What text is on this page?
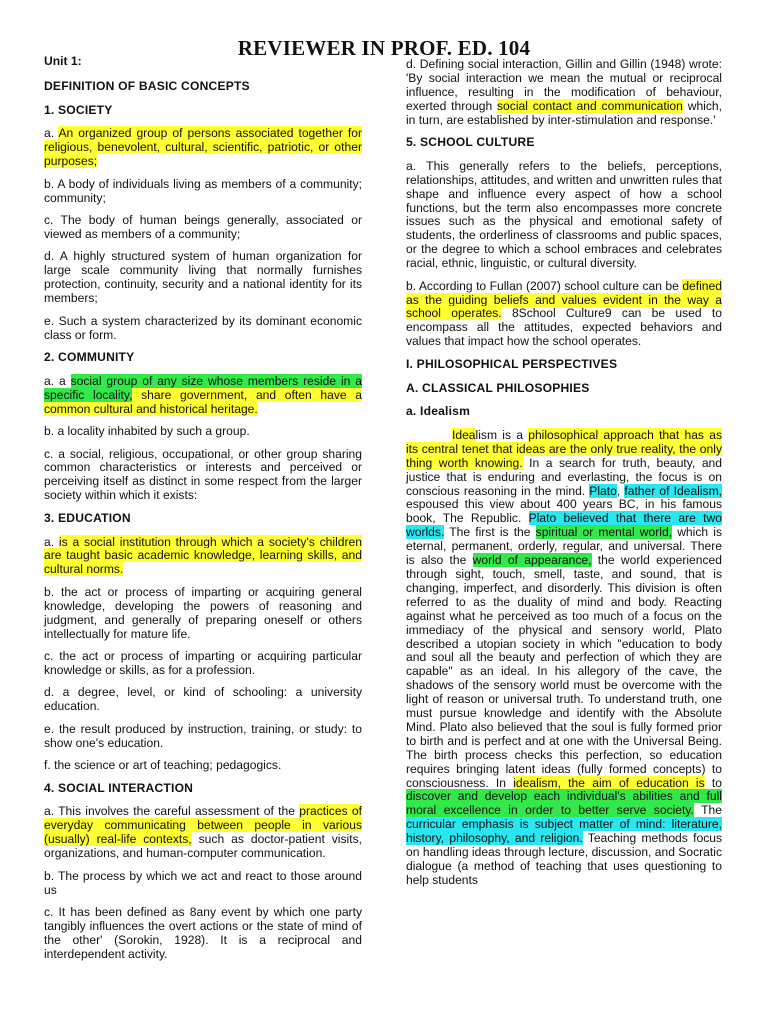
REVIEWER IN PROF. ED. 104

Unit 1:

DEFINITION OF BASIC CONCEPTS

1. SOCIETY

a. An organized group of persons associated together for religious, benevolent, cultural, scientific, patriotic, or other purposes;

b. A body of individuals living as members of a community; community;

c. The body of human beings generally, associated or viewed as members of a community;

d. A highly structured system of human organization for large scale community living that normally furnishes protection, continuity, security and a national identity for its members;

e. Such a system characterized by its dominant economic class or form.

2. COMMUNITY

a. a social group of any size whose members reside in a specific locality, share government, and often have a common cultural and historical heritage.

b. a locality inhabited by such a group.

c. a social, religious, occupational, or other group sharing common characteristics or interests and perceived or perceiving itself as distinct in some respect from the larger society within which it exists:

3. EDUCATION

a. is a social institution through which a society's children are taught basic academic knowledge, learning skills, and cultural norms.

b. the act or process of imparting or acquiring general knowledge, developing the powers of reasoning and judgment, and generally of preparing oneself or others intellectually for mature life.

c. the act or process of imparting or acquiring particular knowledge or skills, as for a profession.

d. a degree, level, or kind of schooling: a university education.

e. the result produced by instruction, training, or study: to show one's education.

f. the science or art of teaching; pedagogics.

4. SOCIAL INTERACTION

a. This involves the careful assessment of the practices of everyday communicating between people in various (usually) real-life contexts, such as doctor-patient visits, organizations, and human-computer communication.

b. The process by which we act and react to those around us

c. It has been defined as 8any event by which one party tangibly influences the overt actions or the state of mind of the other' (Sorokin, 1928). It is a reciprocal and interdependent activity.

d. Defining social interaction, Gillin and Gillin (1948) wrote: 'By social interaction we mean the mutual or reciprocal influence, resulting in the modification of behaviour, exerted through social contact and communication which, in turn, are established by inter-stimulation and response.'

5. SCHOOL CULTURE

a. This generally refers to the beliefs, perceptions, relationships, attitudes, and written and unwritten rules that shape and influence every aspect of how a school functions, but the term also encompasses more concrete issues such as the physical and emotional safety of students, the orderliness of classrooms and public spaces, or the degree to which a school embraces and celebrates racial, ethnic, linguistic, or cultural diversity.

b. According to Fullan (2007) school culture can be defined as the guiding beliefs and values evident in the way a school operates. 8School Culture9 can be used to encompass all the attitudes, expected behaviors and values that impact how the school operates.

I. PHILOSOPHICAL PERSPECTIVES

A. CLASSICAL PHILOSOPHIES

a. Idealism

Idealism is a philosophical approach that has as its central tenet that ideas are the only true reality, the only thing worth knowing. In a search for truth, beauty, and justice that is enduring and everlasting, the focus is on conscious reasoning in the mind. Plato, father of Idealism, espoused this view about 400 years BC, in his famous book, The Republic. Plato believed that there are two worlds. The first is the spiritual or mental world, which is eternal, permanent, orderly, regular, and universal. There is also the world of appearance, the world experienced through sight, touch, smell, taste, and sound, that is changing, imperfect, and disorderly. This division is often referred to as the duality of mind and body. Reacting against what he perceived as too much of a focus on the immediacy of the physical and sensory world, Plato described a utopian society in which "education to body and soul all the beauty and perfection of which they are capable" as an ideal. In his allegory of the cave, the shadows of the sensory world must be overcome with the light of reason or universal truth. To understand truth, one must pursue knowledge and identify with the Absolute Mind. Plato also believed that the soul is fully formed prior to birth and is perfect and at one with the Universal Being. The birth process checks this perfection, so education requires bringing latent ideas (fully formed concepts) to consciousness. In idealism, the aim of education is to discover and develop each individual's abilities and full moral excellence in order to better serve society. The curricular emphasis is subject matter of mind: literature, history, philosophy, and religion. Teaching methods focus on handling ideas through lecture, discussion, and Socratic dialogue (a method of teaching that uses questioning to help students
